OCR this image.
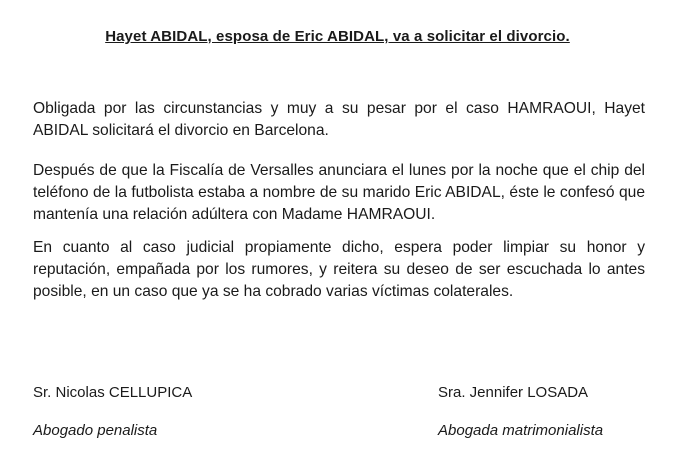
Hayet ABIDAL, esposa de Eric ABIDAL, va a solicitar el divorcio.

Obligada por las circunstancias y muy a su pesar por el caso HAMRAOUI, Hayet ABIDAL solicitará el divorcio en Barcelona.

Después de que la Fiscalía de Versalles anunciara el lunes por la noche que el chip del teléfono de la futbolista estaba a nombre de su marido Eric ABIDAL, éste le confesó que mantenía una relación adúltera con Madame HAMRAOUI.

En cuanto al caso judicial propiamente dicho, espera poder limpiar su honor y reputación, empañada por los rumores, y reitera su deseo de ser escuchada lo antes posible, en un caso que ya se ha cobrado varias víctimas colaterales.

Sr. Nicolas CELLUPICA

Abogado penalista

Sra. Jennifer LOSADA

Abogada matrimonialista
